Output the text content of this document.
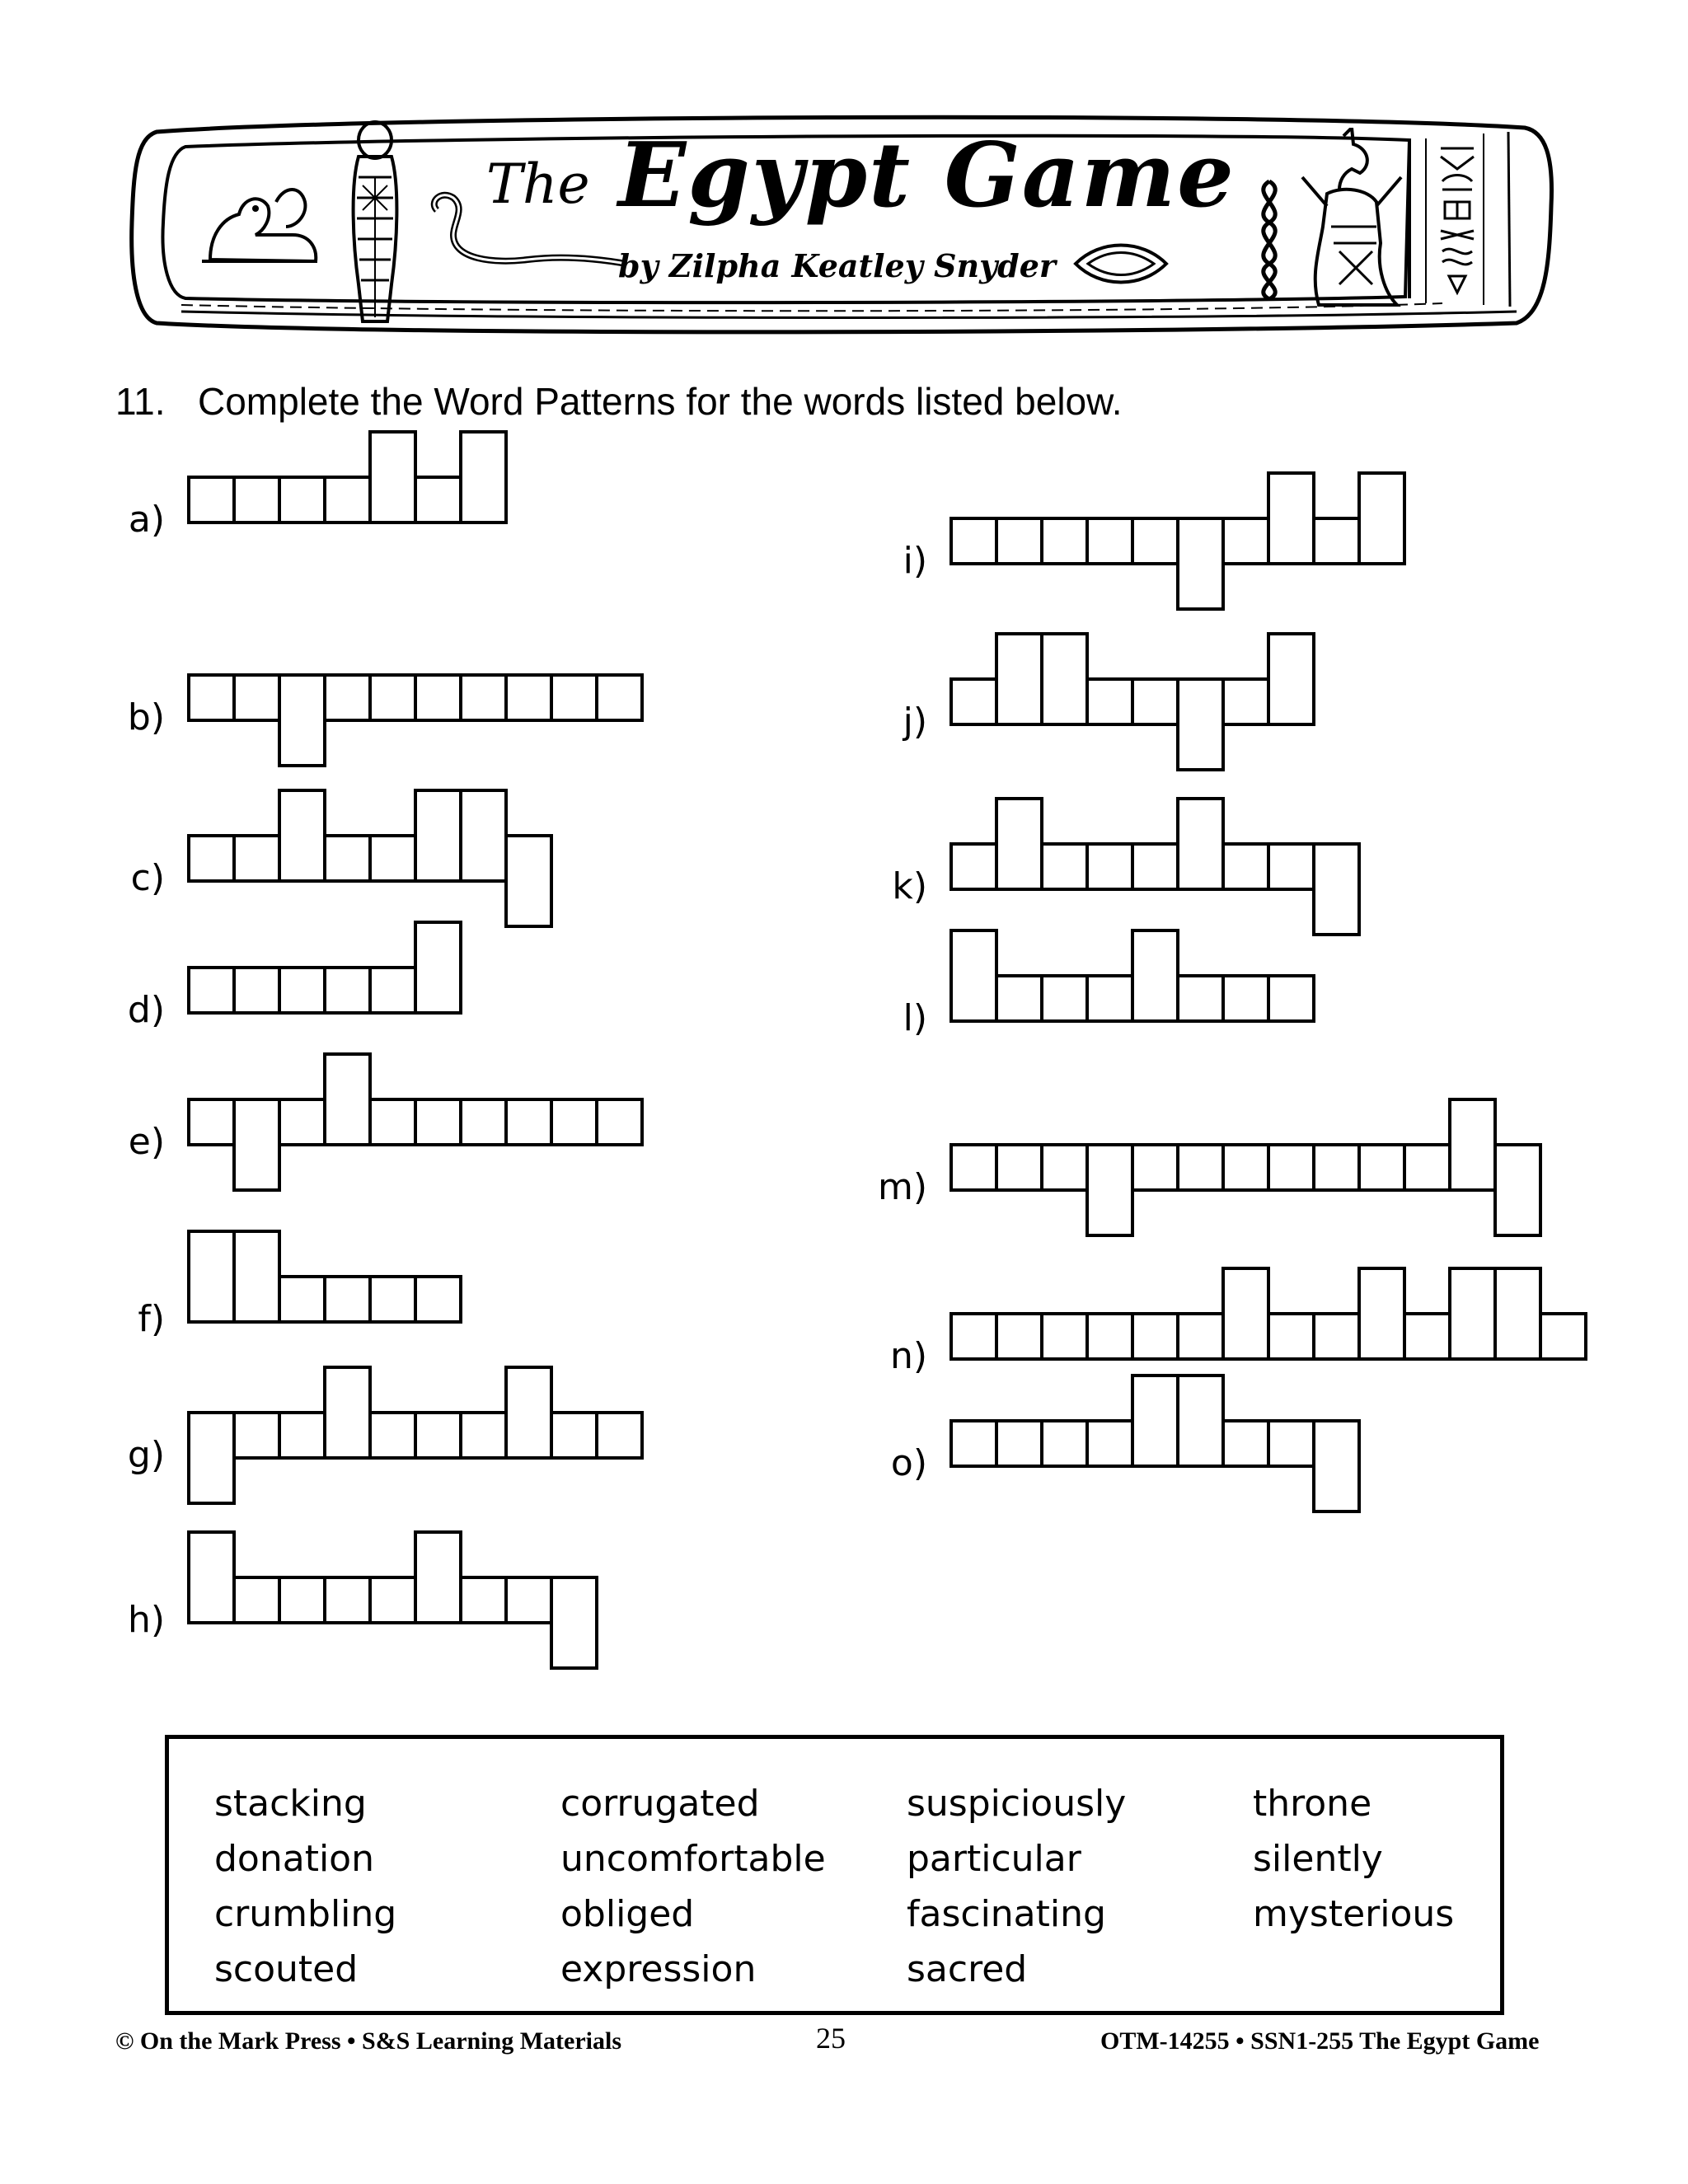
The Egypt Game
by Zilpha Keatley Snyder
11. Complete the Word Patterns for the words listed below.
a)
b)
c)
d)
e)
f)
g)
h)
i)
j)
k)
l)
m)
n)
o)
stacking
donation
crumbling
scouted
corrugated
uncomfortable
obliged
expression
suspiciously
particular
fascinating
sacred
throne
silently
mysterious
© On the Mark Press • S&S Learning Materials	25	OTM-14255 • SSN1-255 The Egypt Game
